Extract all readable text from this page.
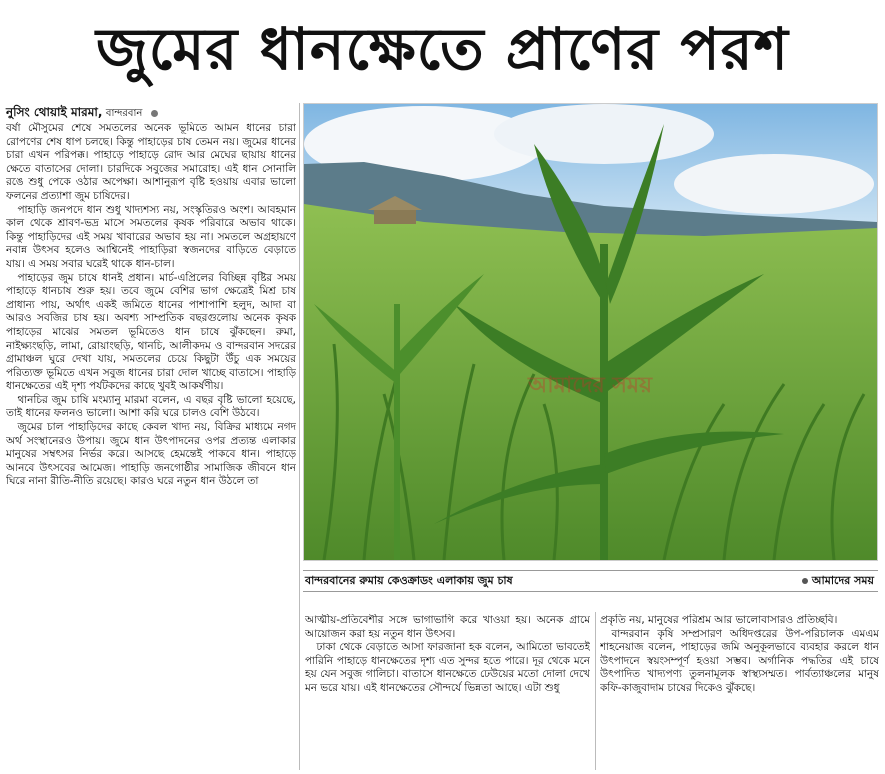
জুমের ধানক্ষেতে প্রাণের পরশ
নুসিং থোয়াই মারমা, বান্দরবান

বর্ষা মৌসুমের শেষে সমতলের অনেক ভূমিতে আমন ধানের চারা রোপণের শেষ ধাপ চলছে। কিন্তু পাহাড়ের চাষ তেমন নয়। জুমের ধানের চারা এখন পরিপক্ক। পাহাড়ে পাহাড়ে রোদ আর মেঘের ছায়ায় ধানের ক্ষেতে বাতাসের দোলা। চারদিকে সবুজের সমারোহ। এই ধান সোনালি রঙে শুধু পেকে ওঠার অপেক্ষা। আশানুরূপ বৃষ্টি হওয়ায় এবার ভালো ফলনের প্রত্যাশা জুম চাষিদের।

পাহাড়ি জনপদে ধান শুধু খাদ্যশস্য নয়, সংস্কৃতিরও অংশ। আবহমান কাল থেকে শ্রাবণ-ভদ্র মাসে সমতলের কৃষক পরিবারে অভাব থাকে। কিন্তু পাহাড়িদের এই সময় খাবারের অভাব হয় না। সমতলে অগ্রহায়ণে নবান্ন উৎসব হলেও আশ্বিনেই পাহাড়িরা স্বজনদের বাড়িতে বেড়াতে যায়। এ সময় সবার ঘরেই থাকে ধান-চাল।

পাহাড়ের জুম চাষে ধানই প্রধান। মার্চ-এপ্রিলের বিচ্ছিন্ন বৃষ্টির সময় পাহাড়ে ধানচাষ শুরু হয়। তবে জুমে বেশির ভাগ ক্ষেত্রেই মিশ্র চাষ প্রাধান্য পায়, অর্থাৎ একই জমিতে ধানের পাশাপাশি হলুদ, আদা বা আরও সবজির চাষ হয়। অবশ্য সাম্প্রতিক বছরগুলোয় অনেক কৃষক পাহাড়ের মাঝের সমতল ভূমিতেও ধান চাষে ঝুঁকছেন। রুমা, নাইক্ষ্যংছড়ি, লামা, রোয়াংছড়ি, থানচি, আলীকদম ও বান্দরবান সদরের গ্রামাঞ্চল ঘুরে দেখা যায়, সমতলের চেয়ে কিছুটা উঁচু এক সময়ের পরিত্যক্ত ভূমিতে এখন সবুজ ধানের চারা দোল খাচ্ছে বাতাসে। পাহাড়ি ধানক্ষেতের এই দৃশ্য পর্যটকদের কাছে খুবই আকর্ষণীয়।

থানচির জুম চাষি মংম্যানু মারমা বলেন, এ বছর বৃষ্টি ভালো হয়েছে, তাই ধানের ফলনও ভালো। আশা করি ঘরে চালও বেশি উঠবে।

জুমের চাল পাহাড়িদের কাছে কেবল খাদ্য নয়, বিক্রির মাধ্যমে নগদ অর্থ সংস্থানেরও উপায়। জুমে ধান উৎপাদনের ওপর প্রত্যন্ত এলাকার মানুষের সম্বৎসর নির্ভর করে। আসছে হেমন্তেই পাকবে ধান। পাহাড়ে আনবে উৎসবের আমেজ। পাহাড়ি জনগোষ্ঠীর সামাজিক জীবনে ধান ঘিরে নানা রীতি-নীতি রয়েছে। কারও ঘরে নতুন ধান উঠলে তা

আমাদের সময়
বান্দরবানের রুমায় কেওক্রাডং এলাকায় জুম চাষ	আমাদের সময়

আত্মীয়-প্রতিবেশীর সঙ্গে ভাগাভাগি করে খাওয়া হয়। অনেক গ্রামে আয়োজন করা হয় নতুন ধান উৎসব।

ঢাকা থেকে বেড়াতে আসা ফারজানা হক বলেন, আমিতো ভাবতেই পারিনি পাহাড়ে ধানক্ষেতের দৃশ্য এত সুন্দর হতে পারে। দূর থেকে মনে হয় যেন সবুজ গালিচা। বাতাসে ধানক্ষেতে ঢেউয়ের মতো দোলা দেখে মন ভরে যায়। এই ধানক্ষেতের সৌন্দর্যে ভিন্নতা আছে। এটা শুধু

প্রকৃতি নয়, মানুষের পরিশ্রম আর ভালোবাসারও প্রতিচ্ছবি।

বান্দরবান কৃষি সম্প্রসারণ অধিদপ্তরের উপ-পরিচালক এমএম শাহনেয়াজ বলেন, পাহাড়ের জমি অনুকূলভাবে ব্যবহার করলে ধান উৎপাদনে স্বয়ংসম্পূর্ণ হওয়া সম্ভব। অর্গানিক পদ্ধতির এই চাষে উৎপাদিত খাদ্যপণ্য তুলনামূলক স্বাস্থ্যসম্মত। পার্বত্যাঞ্চলের মানুষ কফি-কাজুবাদাম চাষের দিকেও ঝুঁকছে।
